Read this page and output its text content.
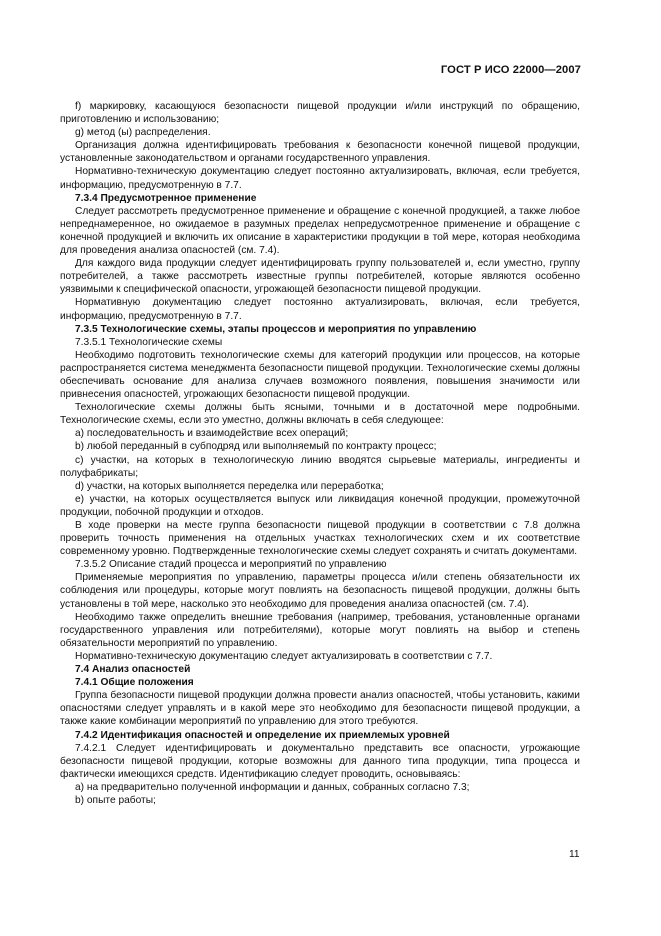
ГОСТ Р ИСО 22000—2007

f) маркировку, касающуюся безопасности пищевой продукции и/или инструкций по обращению, приготовлению и использованию;

g) метод (ы) распределения.

Организация должна идентифицировать требования к безопасности конечной пищевой продукции, установленные законодательством и органами государственного управления.

Нормативно-техническую документацию следует постоянно актуализировать, включая, если требуется, информацию, предусмотренную в 7.7.

7.3.4 Предусмотренное применение

Следует рассмотреть предусмотренное применение и обращение с конечной продукцией, а также любое непреднамеренное, но ожидаемое в разумных пределах непредусмотренное применение и обращение с конечной продукцией и включить их описание в характеристики продукции в той мере, которая необходима для проведения анализа опасностей (см. 7.4).

Для каждого вида продукции следует идентифицировать группу пользователей и, если уместно, группу потребителей, а также рассмотреть известные группы потребителей, которые являются особенно уязвимыми к специфической опасности, угрожающей безопасности пищевой продукции.

Нормативную документацию следует постоянно актуализировать, включая, если требуется, информацию, предусмотренную в 7.7.

7.3.5 Технологические схемы, этапы процессов и мероприятия по управлению

7.3.5.1 Технологические схемы

Необходимо подготовить технологические схемы для категорий продукции или процессов, на которые распространяется система менеджмента безопасности пищевой продукции. Технологические схемы должны обеспечивать основание для анализа случаев возможного появления, повышения значимости или привнесения опасностей, угрожающих безопасности пищевой продукции.

Технологические схемы должны быть ясными, точными и в достаточной мере подробными. Технологические схемы, если это уместно, должны включать в себя следующее:

a) последовательность и взаимодействие всех операций;

b) любой переданный в субподряд или выполняемый по контракту процесс;

c) участки, на которых в технологическую линию вводятся сырьевые материалы, ингредиенты и полуфабрикаты;

d) участки, на которых выполняется переделка или переработка;

e) участки, на которых осуществляется выпуск или ликвидация конечной продукции, промежуточной продукции, побочной продукции и отходов.

В ходе проверки на месте группа безопасности пищевой продукции в соответствии с 7.8 должна проверить точность применения на отдельных участках технологических схем и их соответствие современному уровню. Подтвержденные технологические схемы следует сохранять и считать документами.

7.3.5.2 Описание стадий процесса и мероприятий по управлению

Применяемые мероприятия по управлению, параметры процесса и/или степень обязательности их соблюдения или процедуры, которые могут повлиять на безопасность пищевой продукции, должны быть установлены в той мере, насколько это необходимо для проведения анализа опасностей (см. 7.4).

Необходимо также определить внешние требования (например, требования, установленные органами государственного управления или потребителями), которые могут повлиять на выбор и степень обязательности мероприятий по управлению.

Нормативно-техническую документацию следует актуализировать в соответствии с 7.7.

7.4 Анализ опасностей

7.4.1 Общие положения

Группа безопасности пищевой продукции должна провести анализ опасностей, чтобы установить, какими опасностями следует управлять и в какой мере это необходимо для безопасности пищевой продукции, а также какие комбинации мероприятий по управлению для этого требуются.

7.4.2 Идентификация опасностей и определение их приемлемых уровней

7.4.2.1 Следует идентифицировать и документально представить все опасности, угрожающие безопасности пищевой продукции, которые возможны для данного типа продукции, типа процесса и фактически имеющихся средств. Идентификацию следует проводить, основываясь:

a) на предварительно полученной информации и данных, собранных согласно 7.3;

b) опыте работы;

11
